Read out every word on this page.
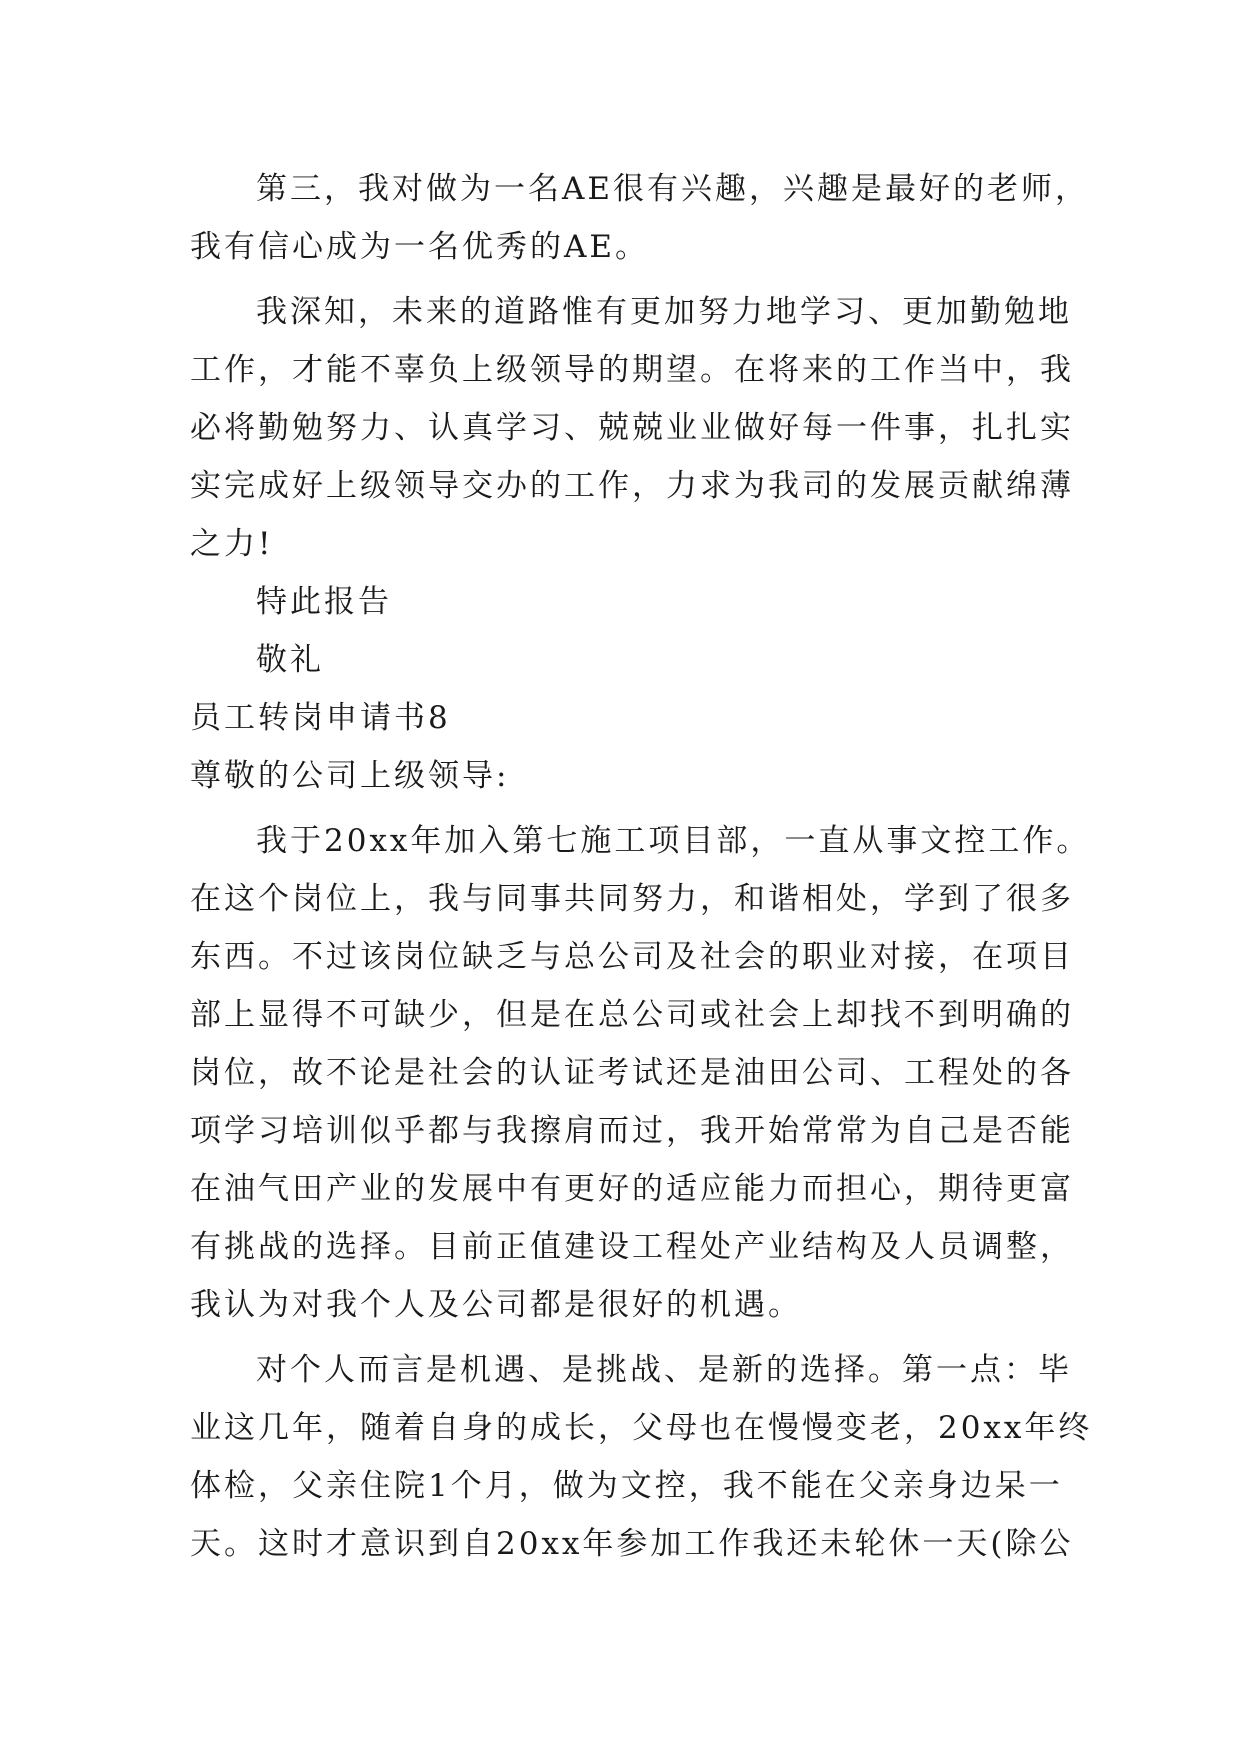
第三，我对做为一名AE很有兴趣，兴趣是最好的老师，
我有信心成为一名优秀的AE。
我深知，未来的道路惟有更加努力地学习、更加勤勉地
工作，才能不辜负上级领导的期望。在将来的工作当中，我
必将勤勉努力、认真学习、兢兢业业做好每一件事，扎扎实
实完成好上级领导交办的工作，力求为我司的发展贡献绵薄
之力!
特此报告
敬礼
员工转岗申请书8
尊敬的公司上级领导:
我于20xx年加入第七施工项目部，一直从事文控工作。
在这个岗位上，我与同事共同努力，和谐相处，学到了很多
东西。不过该岗位缺乏与总公司及社会的职业对接，在项目
部上显得不可缺少，但是在总公司或社会上却找不到明确的
岗位，故不论是社会的认证考试还是油田公司、工程处的各
项学习培训似乎都与我擦肩而过，我开始常常为自己是否能
在油气田产业的发展中有更好的适应能力而担心，期待更富
有挑战的选择。目前正值建设工程处产业结构及人员调整，
我认为对我个人及公司都是很好的机遇。
对个人而言是机遇、是挑战、是新的选择。第一点：毕
业这几年，随着自身的成长，父母也在慢慢变老，20xx年终
体检，父亲住院1个月，做为文控，我不能在父亲身边呆一
天。这时才意识到自20xx年参加工作我还未轮休一天(除公
